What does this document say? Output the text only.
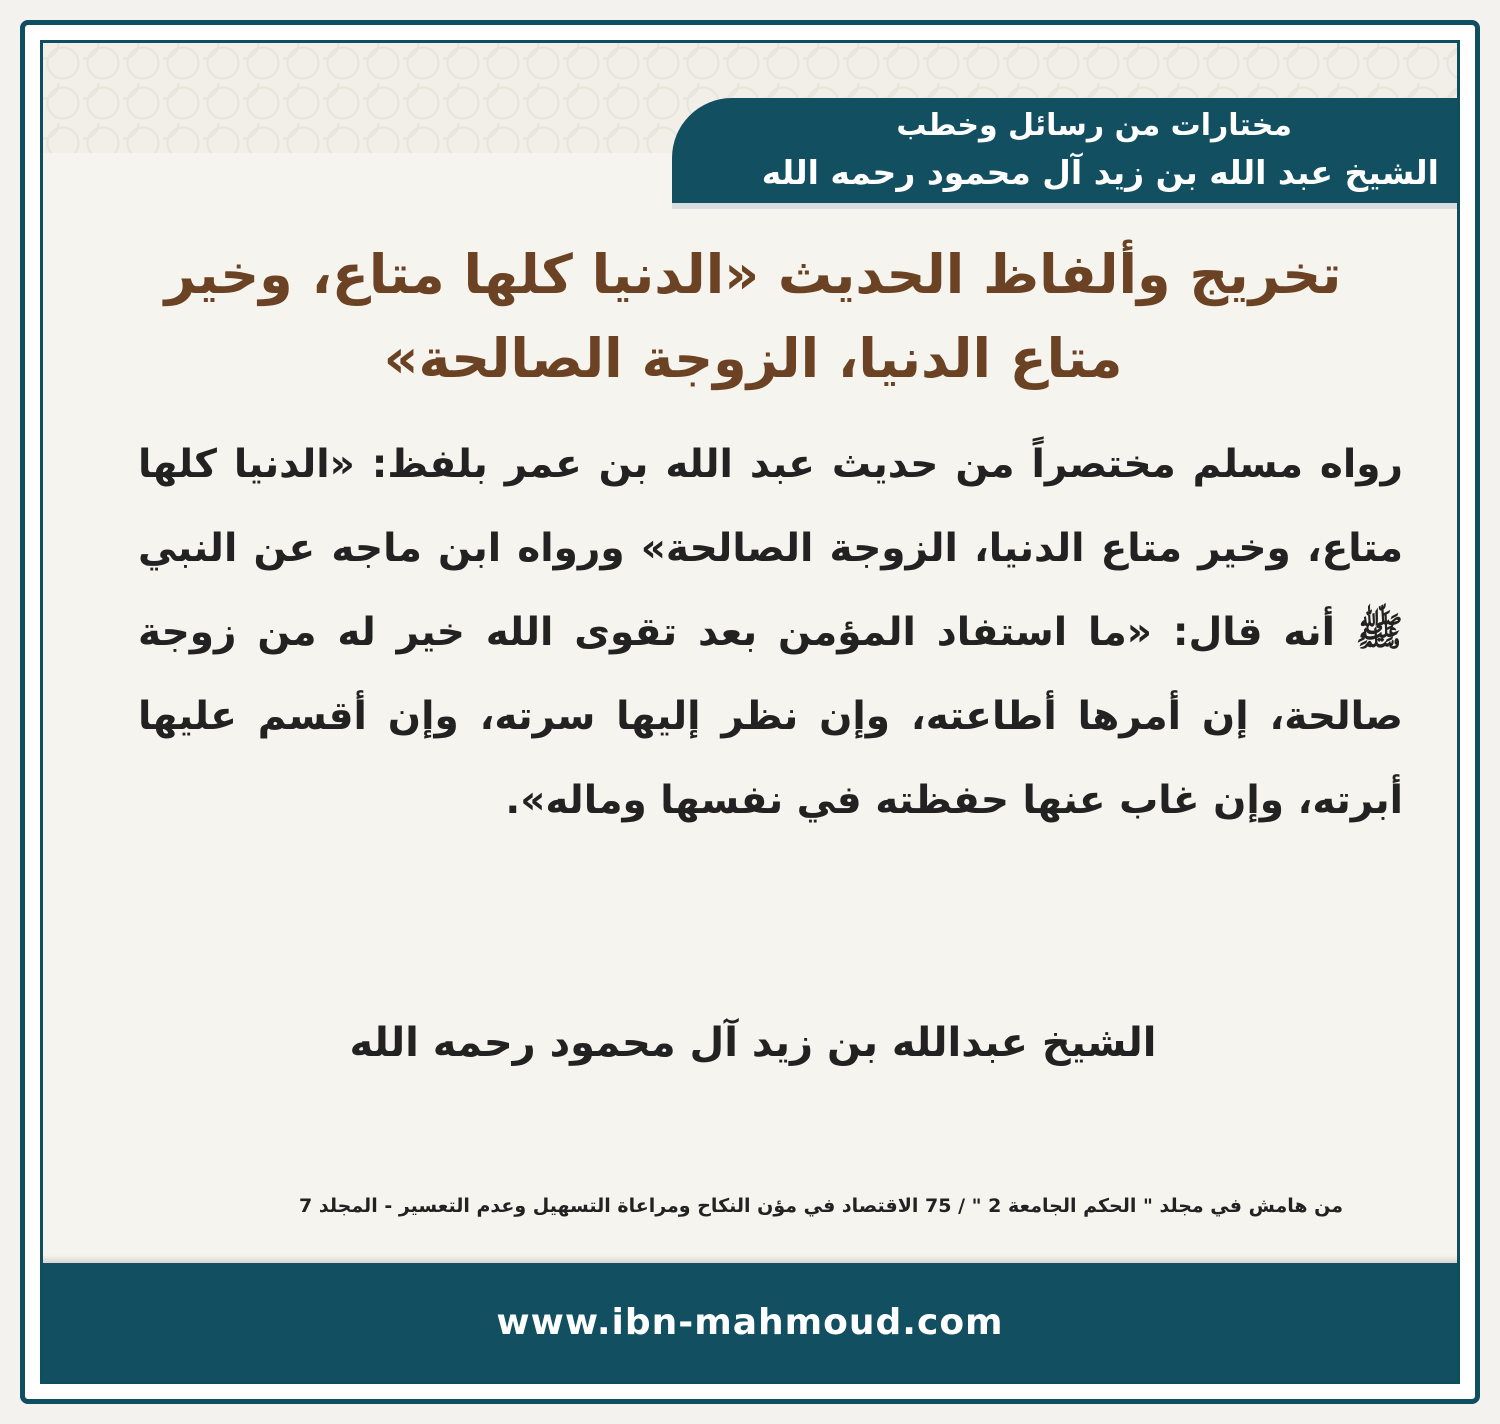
مختارات من رسائل وخطب
الشيخ عبد الله بن زيد آل محمود رحمه الله
تخريج وألفاظ الحديث «الدنيا كلها متاع، وخير متاع الدنيا، الزوجة الصالحة»
رواه مسلم مختصراً من حديث عبد الله بن عمر بلفظ: «الدنيا كلها متاع، وخير متاع الدنيا، الزوجة الصالحة» ورواه ابن ماجه عن النبي ﷺ أنه قال: «ما استفاد المؤمن بعد تقوى الله خير له من زوجة صالحة، إن أمرها أطاعته، وإن نظر إليها سرته، وإن أقسم عليها أبرته، وإن غاب عنها حفظته في نفسها وماله».
الشيخ عبدالله بن زيد آل محمود رحمه الله
من هامش في مجلد " الحكم الجامعة 2 " / 75 الاقتصاد في مؤن النكاح ومراعاة التسهيل وعدم التعسير - المجلد 7
www.ibn-mahmoud.com
